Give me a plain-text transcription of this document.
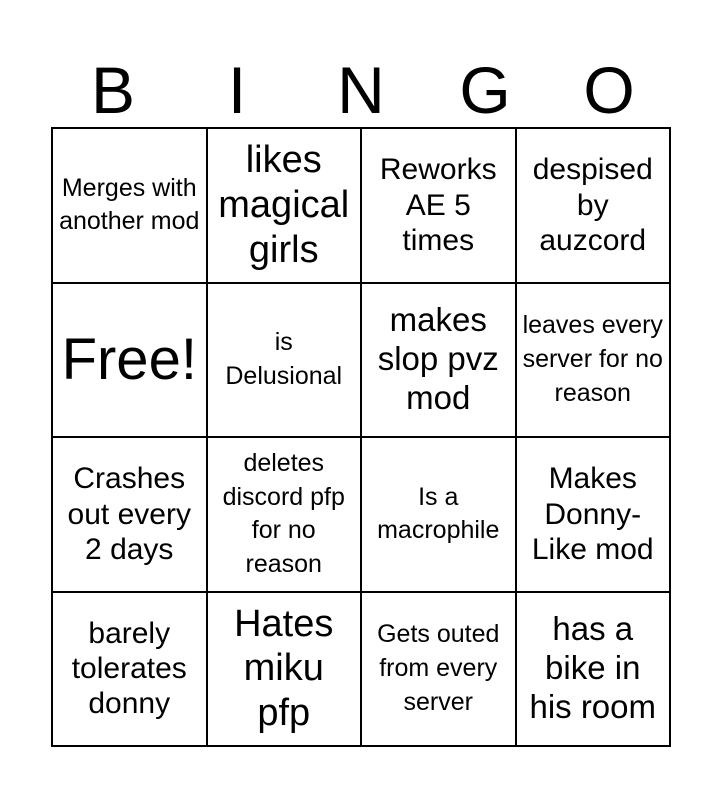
B	I	N	G	O
Merges with another mod
likes magical girls
Reworks AE 5 times
despised by auzcord
Free!	is Delusional
makes slop pvz mod
leaves every server for no reason
Crashes out every 2 days
deletes discord pfp for no reason
Is a macrophile
Makes Donny-Like mod
barely tolerates donny
Hates miku pfp
Gets outed from every server
has a bike in his room
